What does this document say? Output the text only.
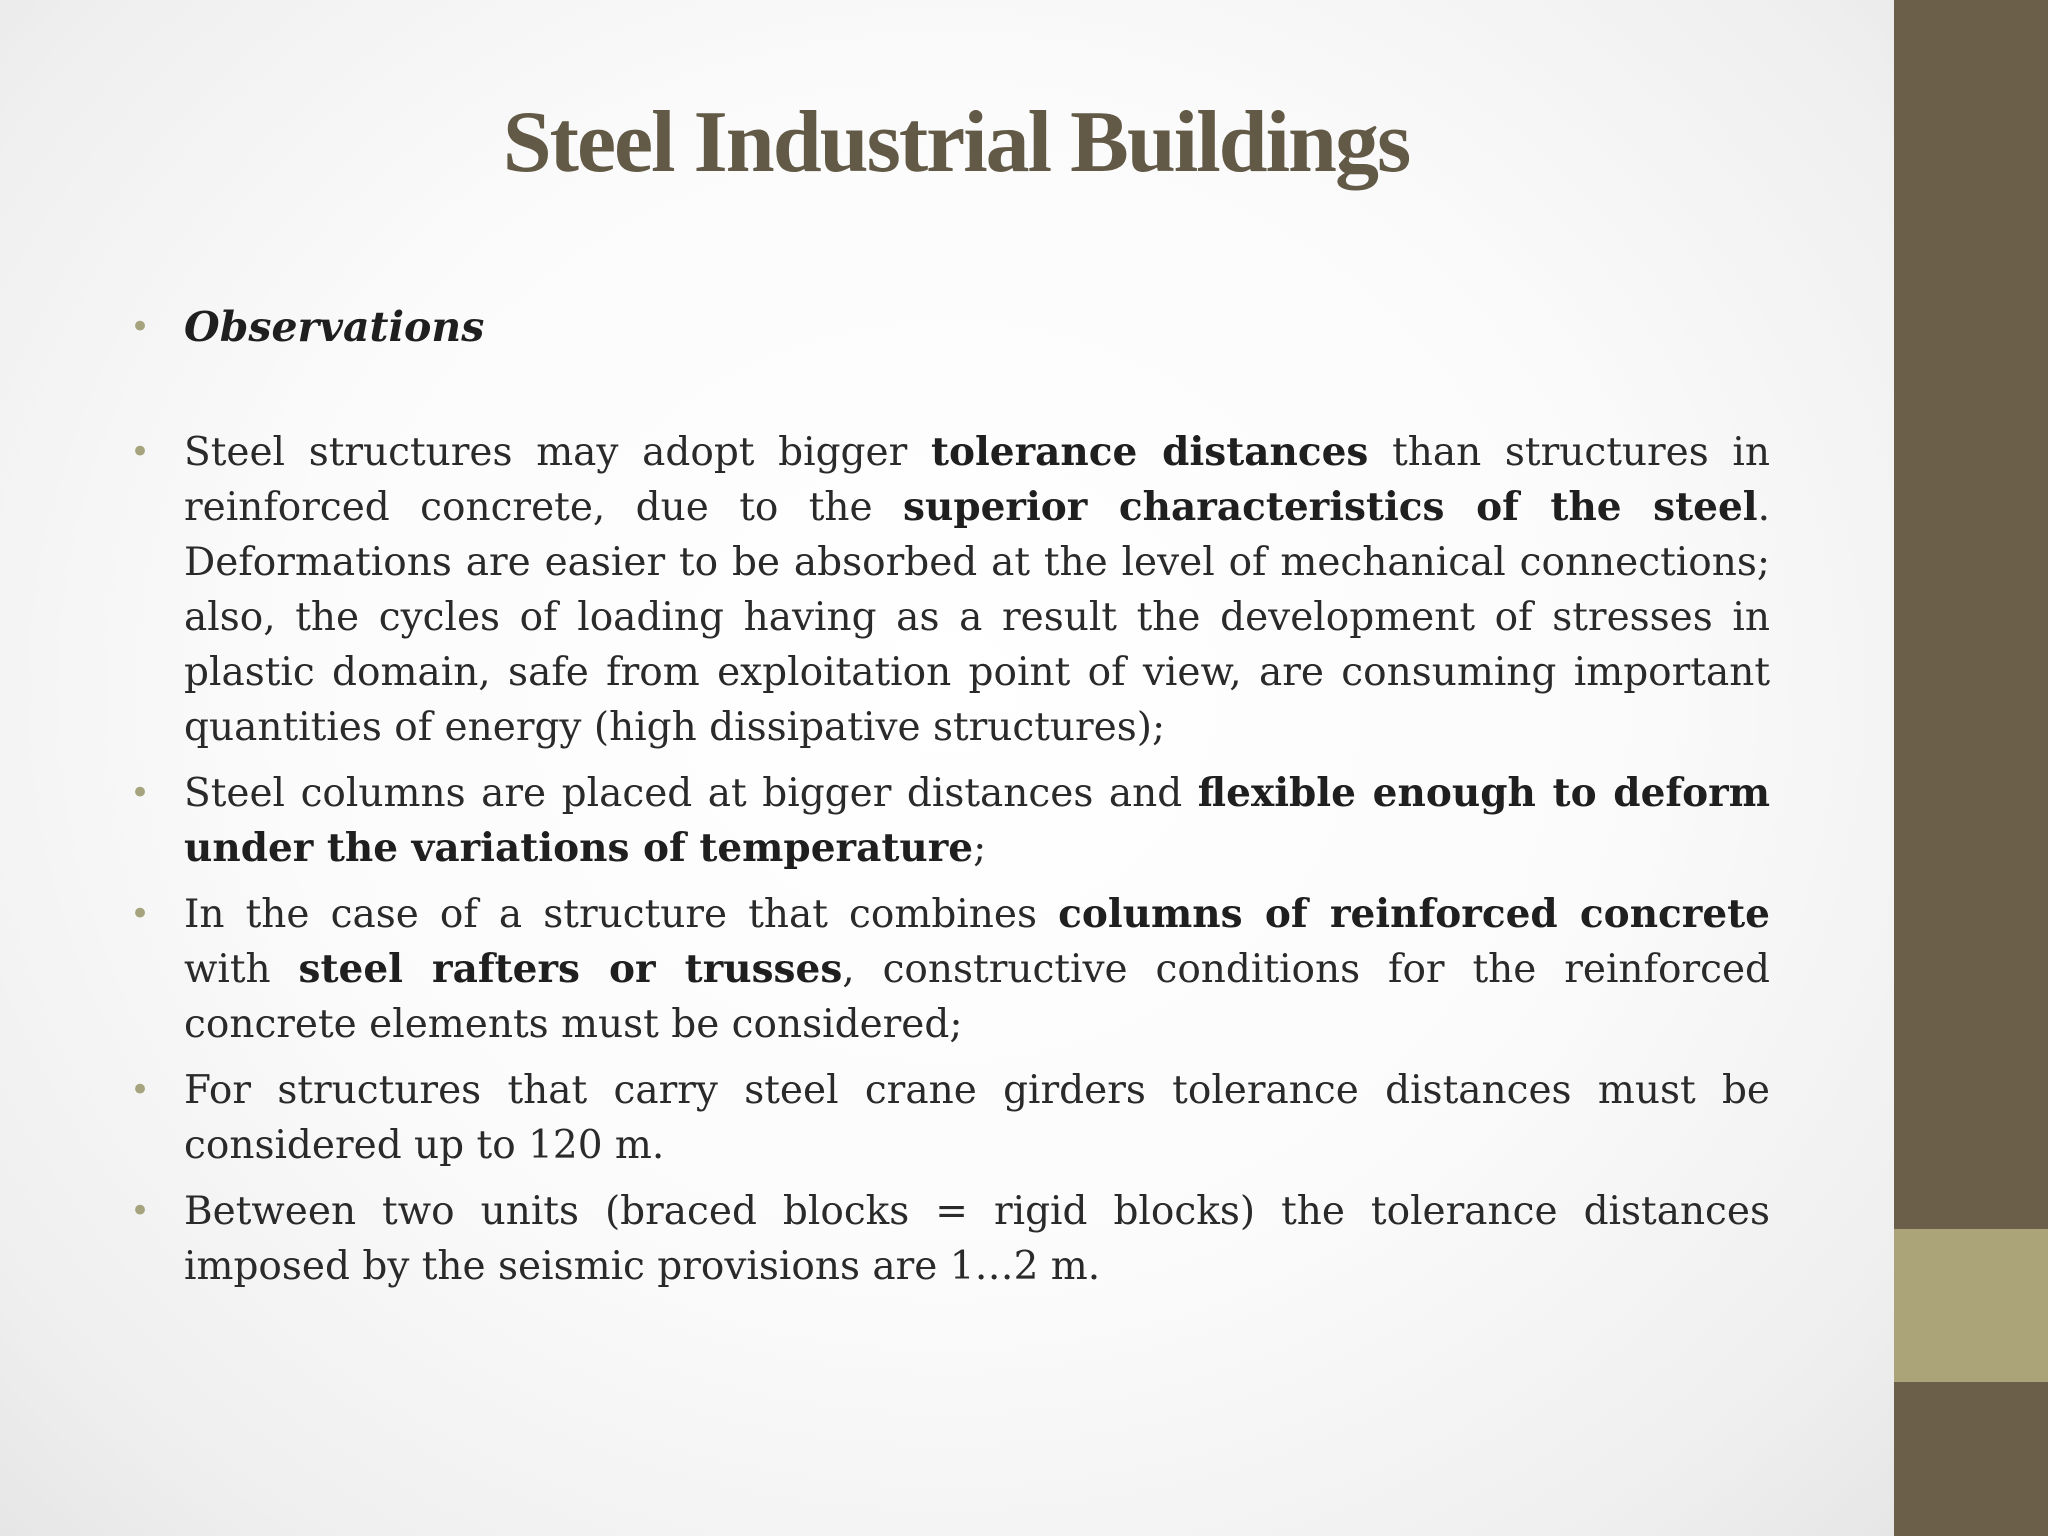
Steel Industrial Buildings
• Observations
• Steel structures may adopt bigger tolerance distances than structures in reinforced concrete, due to the superior characteristics of the steel. Deformations are easier to be absorbed at the level of mechanical connections; also, the cycles of loading having as a result the development of stresses in plastic domain, safe from exploitation point of view, are consuming important quantities of energy (high dissipative structures);
• Steel columns are placed at bigger distances and flexible enough to deform under the variations of temperature;
• In the case of a structure that combines columns of reinforced concrete with steel rafters or trusses, constructive conditions for the reinforced concrete elements must be considered;
• For structures that carry steel crane girders tolerance distances must be considered up to 120 m.
• Between two units (braced blocks = rigid blocks) the tolerance distances imposed by the seismic provisions are 1…2 m.
